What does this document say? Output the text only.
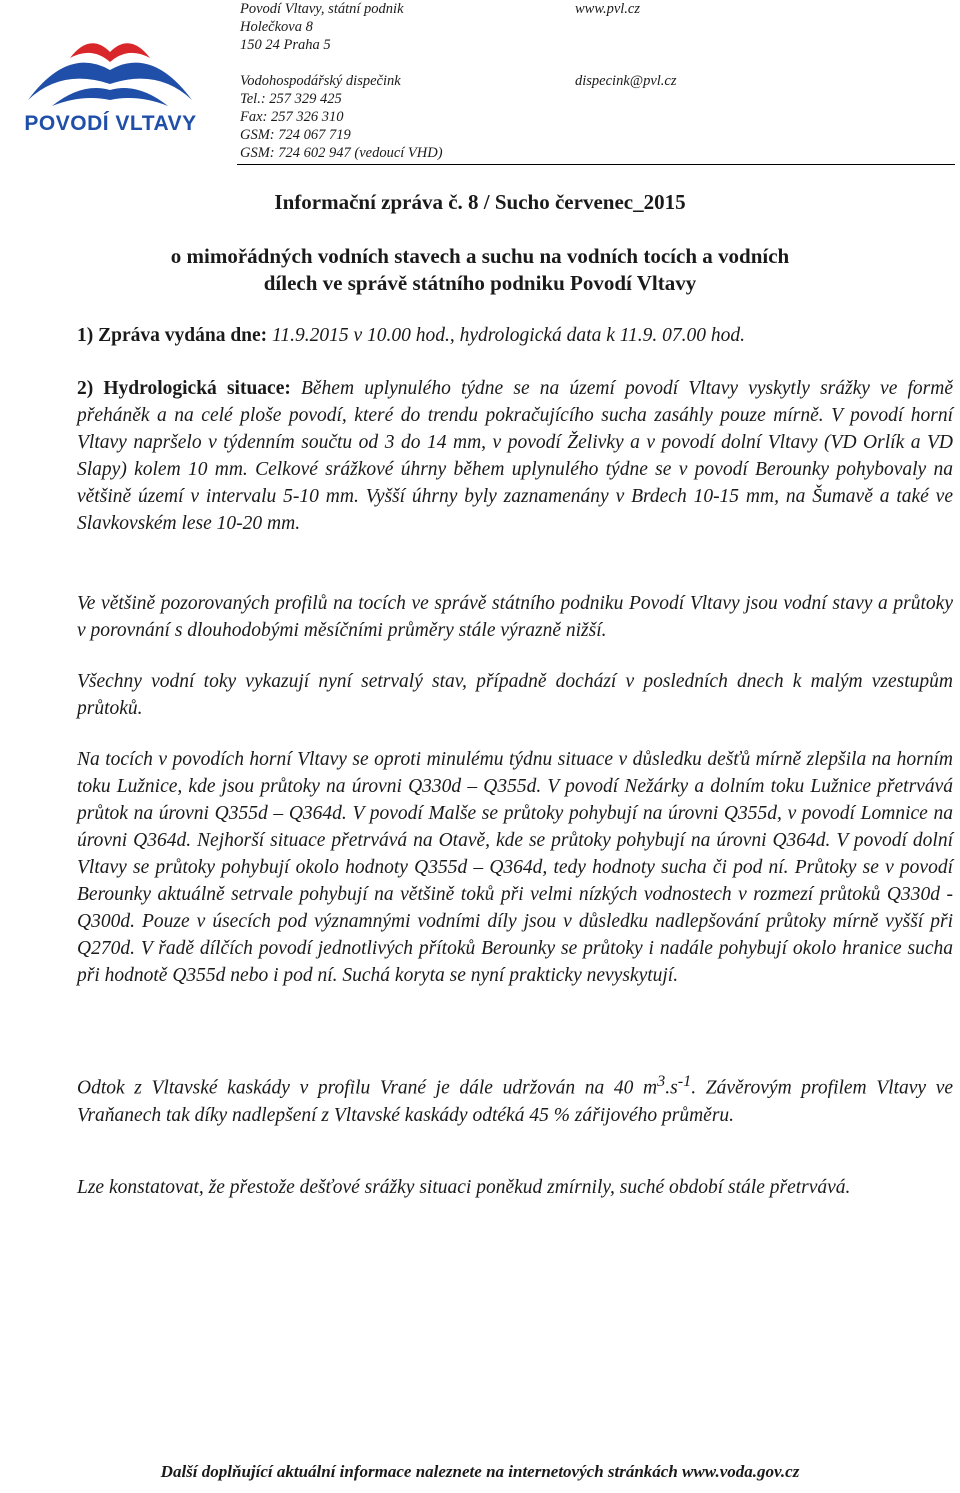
POVODÍ VLTAVY
Povodí Vltavy, státní podnik
Holečkova 8
150 24 Praha 5
Vodohospodářský dispečink
Tel.: 257 329 425
Fax: 257 326 310
GSM: 724 067 719
GSM: 724 602 947 (vedoucí VHD)
www.pvl.cz
dispecink@pvl.cz
Informační zpráva č. 8 / Sucho červenec_2015
o mimořádných vodních stavech a suchu na vodních tocích a vodních
dílech ve správě státního podniku Povodí Vltavy
1) Zpráva vydána dne: 11.9.2015 v 10.00 hod., hydrologická data k 11.9. 07.00 hod.
2) Hydrologická situace: Během uplynulého týdne se na území povodí Vltavy vyskytly srážky ve formě přeháněk a na celé ploše povodí, které do trendu pokračujícího sucha zasáhly pouze mírně. V povodí horní Vltavy napršelo v týdenním součtu od 3 do 14 mm, v povodí Želivky a v povodí dolní Vltavy (VD Orlík a VD Slapy) kolem 10 mm. Celkové srážkové úhrny během uplynulého týdne se v povodí Berounky pohybovaly na většině území v intervalu 5-10 mm. Vyšší úhrny byly zaznamenány v Brdech 10-15 mm, na Šumavě a také ve Slavkovském lese 10-20 mm.
Ve většině pozorovaných profilů na tocích ve správě státního podniku Povodí Vltavy jsou vodní stavy a průtoky v porovnání s dlouhodobými měsíčními průměry stále výrazně nižší.
Všechny vodní toky vykazují nyní setrvalý stav, případně dochází v posledních dnech k malým vzestupům průtoků.
Na tocích v povodích horní Vltavy se oproti minulému týdnu situace v důsledku dešťů mírně zlepšila na horním toku Lužnice, kde jsou průtoky na úrovni Q330d – Q355d. V povodí Nežárky a dolním toku Lužnice přetrvává průtok na úrovni Q355d – Q364d. V povodí Malše se průtoky pohybují na úrovni Q355d, v povodí Lomnice na úrovni Q364d. Nejhorší situace přetrvává na Otavě, kde se průtoky pohybují na úrovni Q364d. V povodí dolní Vltavy se průtoky pohybují okolo hodnoty Q355d – Q364d, tedy hodnoty sucha či pod ní. Průtoky se v povodí Berounky aktuálně setrvale pohybují na většině toků při velmi nízkých vodnostech v rozmezí průtoků Q330d - Q300d. Pouze v úsecích pod významnými vodními díly jsou v důsledku nadlepšování průtoky mírně vyšší při Q270d. V řadě dílčích povodí jednotlivých přítoků Berounky se průtoky i nadále pohybují okolo hranice sucha při hodnotě Q355d nebo i pod ní. Suchá koryta se nyní prakticky nevyskytují.
Odtok z Vltavské kaskády v profilu Vrané je dále udržován na 40 $m^3.s^{-1}$. Závěrovým profilem Vltavy ve Vraňanech tak díky nadlepšení z Vltavské kaskády odtéká 45 % zářijového průměru.
Lze konstatovat, že přestože dešťové srážky situaci poněkud zmírnily, suché období stále přetrvává.
Další doplňující aktuální informace naleznete na internetových stránkách www.voda.gov.cz
